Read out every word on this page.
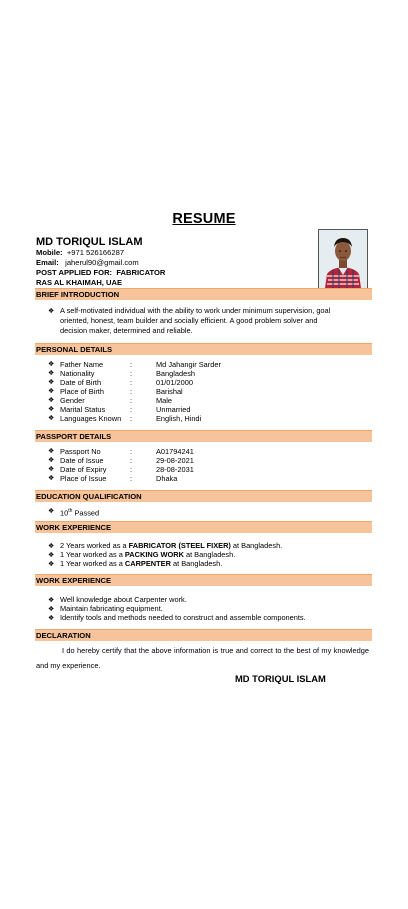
RESUME
MD TORIQUL ISLAM
Mobile: +971 526166287
Email: jaherul90@gmail.com
POST APPLIED FOR: FABRICATOR
RAS AL KHAIMAH, UAE
BRIEF INTRODUCTION
❖ A self-motivated individual with the ability to work under minimum supervision, goal
oriented, honest, team builder and socially efficient. A good problem solver and
decision maker, determined and reliable.
PERSONAL DETAILS
❖ Father Name	:	Md Jahangir Sarder
❖ Nationality	:	Bangladesh
❖ Date of Birth	:	01/01/2000
❖ Place of Birth	:	Barishal
❖ Gender	:	Male
❖ Marital Status	:	Unmarried
❖ Languages Known :	English, Hindi
PASSPORT DETAILS
❖ Passport No	:	A01794241
❖ Date of Issue	:	29-08-2021
❖ Date of Expiry	:	28-08-2031
❖ Place of Issue	:	Dhaka
EDUCATION QUALIFICATION
❖ 10th Passed
WORK EXPERIENCE
❖ 2 Years worked as a FABRICATOR (STEEL FIXER) at Bangladesh.
❖ 1 Year worked as a PACKING WORK at Bangladesh.
❖ 1 Year worked as a CARPENTER at Bangladesh.
WORK EXPERIENCE
❖ Well knowledge about Carpenter work.
❖ Maintain fabricating equipment.
❖ Identify tools and methods needed to construct and assemble components.
DECLARATION
I do hereby certify that the above information is true and correct to the best of my knowledge and my experience.
MD TORIQUL ISLAM
